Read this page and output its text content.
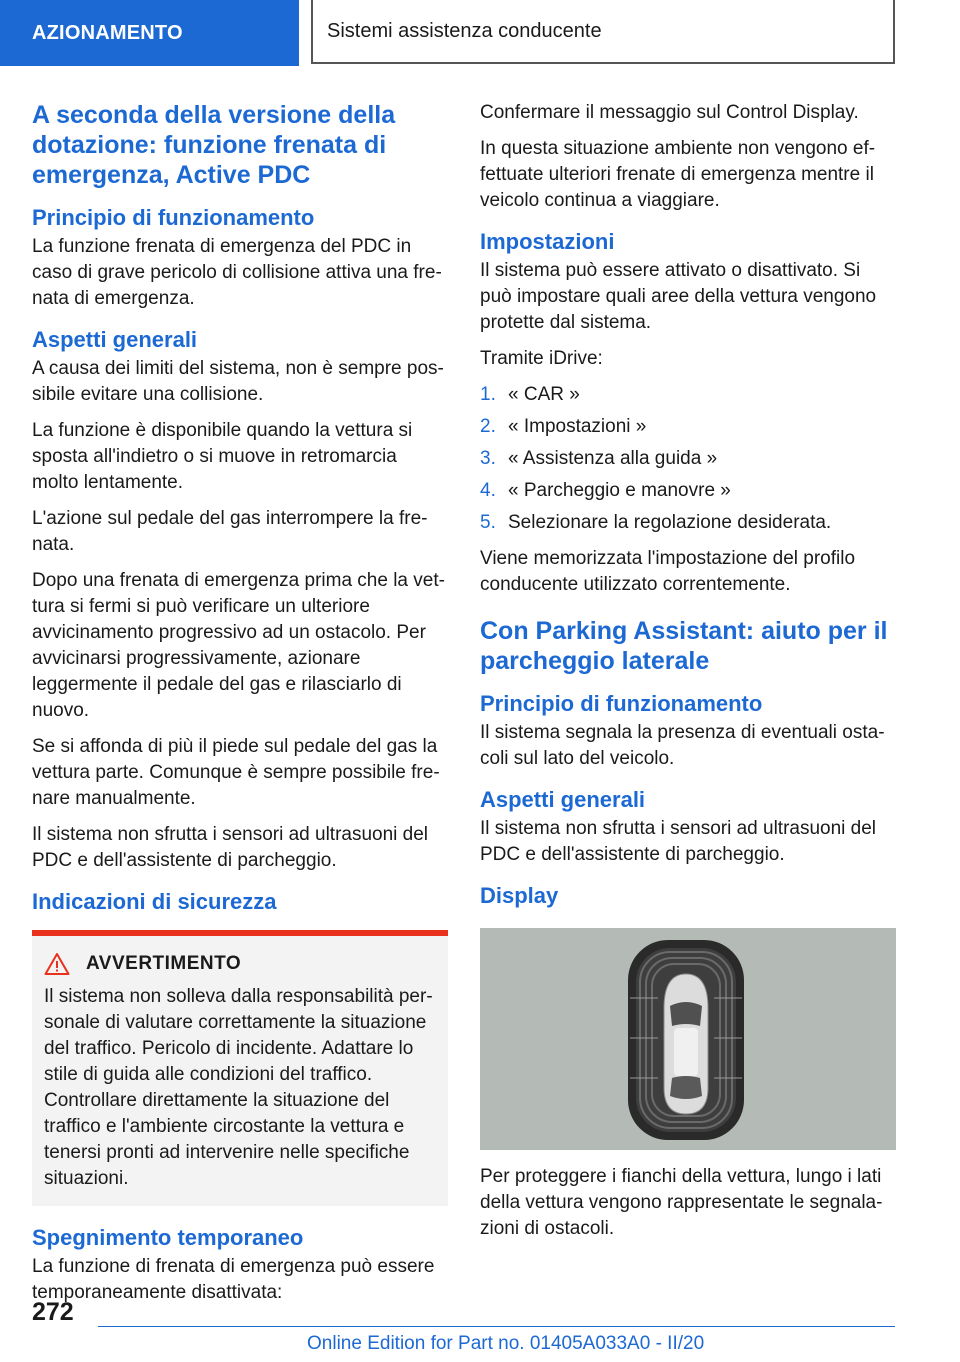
AZIONAMENTO	Sistemi assistenza conducente
A seconda della versione della dotazione: funzione frenata di emergenza, Active PDC
Principio di funzionamento

La funzione frenata di emergenza del PDC in caso di grave pericolo di collisione attiva una frenata di emergenza.

Aspetti generali

A causa dei limiti del sistema, non è sempre possibile evitare una collisione.

La funzione è disponibile quando la vettura si sposta all'indietro o si muove in retromarcia molto lentamente.

L'azione sul pedale del gas interrompere la frenata.

Dopo una frenata di emergenza prima che la vettura si fermi si può verificare un ulteriore avvicinamento progressivo ad un ostacolo. Per avvicinarsi progressivamente, azionare leggermente il pedale del gas e rilasciarlo di nuovo.

Se si affonda di più il piede sul pedale del gas la vettura parte. Comunque è sempre possibile frenare manualmente.

Il sistema non sfrutta i sensori ad ultrasuoni del PDC e dell'assistente di parcheggio.

Indicazioni di sicurezza
AVVERTIMENTO

Il sistema non solleva dalla responsabilità personale di valutare correttamente la situazione del traffico. Pericolo di incidente. Adattare lo stile di guida alle condizioni del traffico. Controllare direttamente la situazione del traffico e l'ambiente circostante la vettura e tenersi pronti ad intervenire nelle specifiche situazioni.

Spegnimento temporaneo

La funzione di frenata di emergenza può essere temporaneamente disattivata:

Confermare il messaggio sul Control Display.

In questa situazione ambiente non vengono effettuate ulteriori frenate di emergenza mentre il veicolo continua a viaggiare.

Impostazioni

Il sistema può essere attivato o disattivato. Si può impostare quali aree della vettura vengono protette dal sistema.

Tramite iDrive:

1. « CAR »
2. « Impostazioni »
3. « Assistenza alla guida »
4. « Parcheggio e manovre »
5. Selezionare la regolazione desiderata.

Viene memorizzata l'impostazione del profilo conducente utilizzato correntemente.

Con Parking Assistant: aiuto per il parcheggio laterale
Principio di funzionamento

Il sistema segnala la presenza di eventuali ostacoli sul lato del veicolo.

Aspetti generali

Il sistema non sfrutta i sensori ad ultrasuoni del PDC e dell'assistente di parcheggio.

Display

Per proteggere i fianchi della vettura, lungo i lati della vettura vengono rappresentate le segnalazioni di ostacoli.

272
Online Edition for Part no. 01405A033A0 - II/20
